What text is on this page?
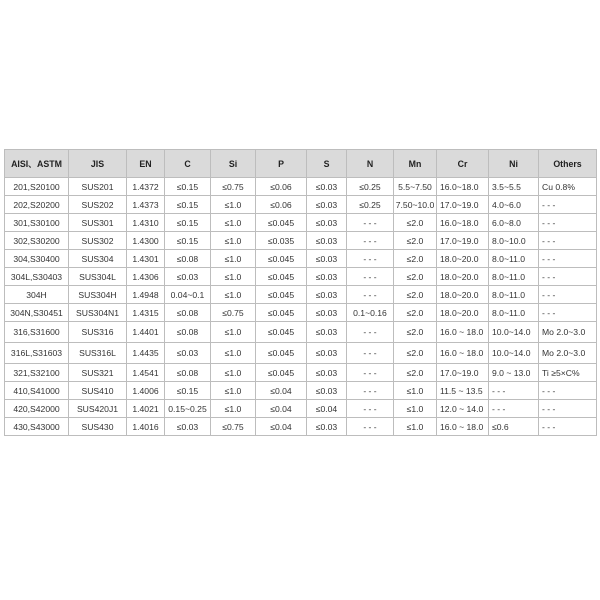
AISI、ASTM	JIS	EN	C	Si	P	S	N	Mn	Cr	Ni	Others
201,S20100	SUS201	1.4372	≤0.15	≤0.75	≤0.06	≤0.03	≤0.25	5.5~7.50	16.0~18.0	3.5~5.5	Cu 0.8%
202,S20200	SUS202	1.4373	≤0.15	≤1.0	≤0.06	≤0.03	≤0.25	7.50~10.0	17.0~19.0	4.0~6.0	- - -
301,S30100	SUS301	1.4310	≤0.15	≤1.0	≤0.045	≤0.03	- - -	≤2.0	16.0~18.0	6.0~8.0	- - -
302,S30200	SUS302	1.4300	≤0.15	≤1.0	≤0.035	≤0.03	- - -	≤2.0	17.0~19.0	8.0~10.0	- - -
304,S30400	SUS304	1.4301	≤0.08	≤1.0	≤0.045	≤0.03	- - -	≤2.0	18.0~20.0	8.0~11.0	- - -
304L,S30403	SUS304L	1.4306	≤0.03	≤1.0	≤0.045	≤0.03	- - -	≤2.0	18.0~20.0	8.0~11.0	- - -
304H	SUS304H	1.4948	0.04~0.1	≤1.0	≤0.045	≤0.03	- - -	≤2.0	18.0~20.0	8.0~11.0	- - -
304N,S30451	SUS304N1	1.4315	≤0.08	≤0.75	≤0.045	≤0.03	0.1~0.16	≤2.0	18.0~20.0	8.0~11.0	- - -
316,S31600	SUS316	1.4401	≤0.08	≤1.0	≤0.045	≤0.03	- - -	≤2.0	16.0 ~ 18.0	10.0~14.0	Mo 2.0~3.0
316L,S31603	SUS316L	1.4435	≤0.03	≤1.0	≤0.045	≤0.03	- - -	≤2.0	16.0 ~ 18.0	10.0~14.0	Mo 2.0~3.0
321,S32100	SUS321	1.4541	≤0.08	≤1.0	≤0.045	≤0.03	- - -	≤2.0	17.0~19.0	9.0 ~ 13.0	Ti ≥5×C%
410,S41000	SUS410	1.4006	≤0.15	≤1.0	≤0.04	≤0.03	- - -	≤1.0	11.5 ~ 13.5	- - -	- - -
420,S42000	SUS420J1	1.4021	0.15~0.25	≤1.0	≤0.04	≤0.04	- - -	≤1.0	12.0 ~ 14.0	- - -	- - -
430,S43000	SUS430	1.4016	≤0.03	≤0.75	≤0.04	≤0.03	- - -	≤1.0	16.0 ~ 18.0	≤0.6	- - -
